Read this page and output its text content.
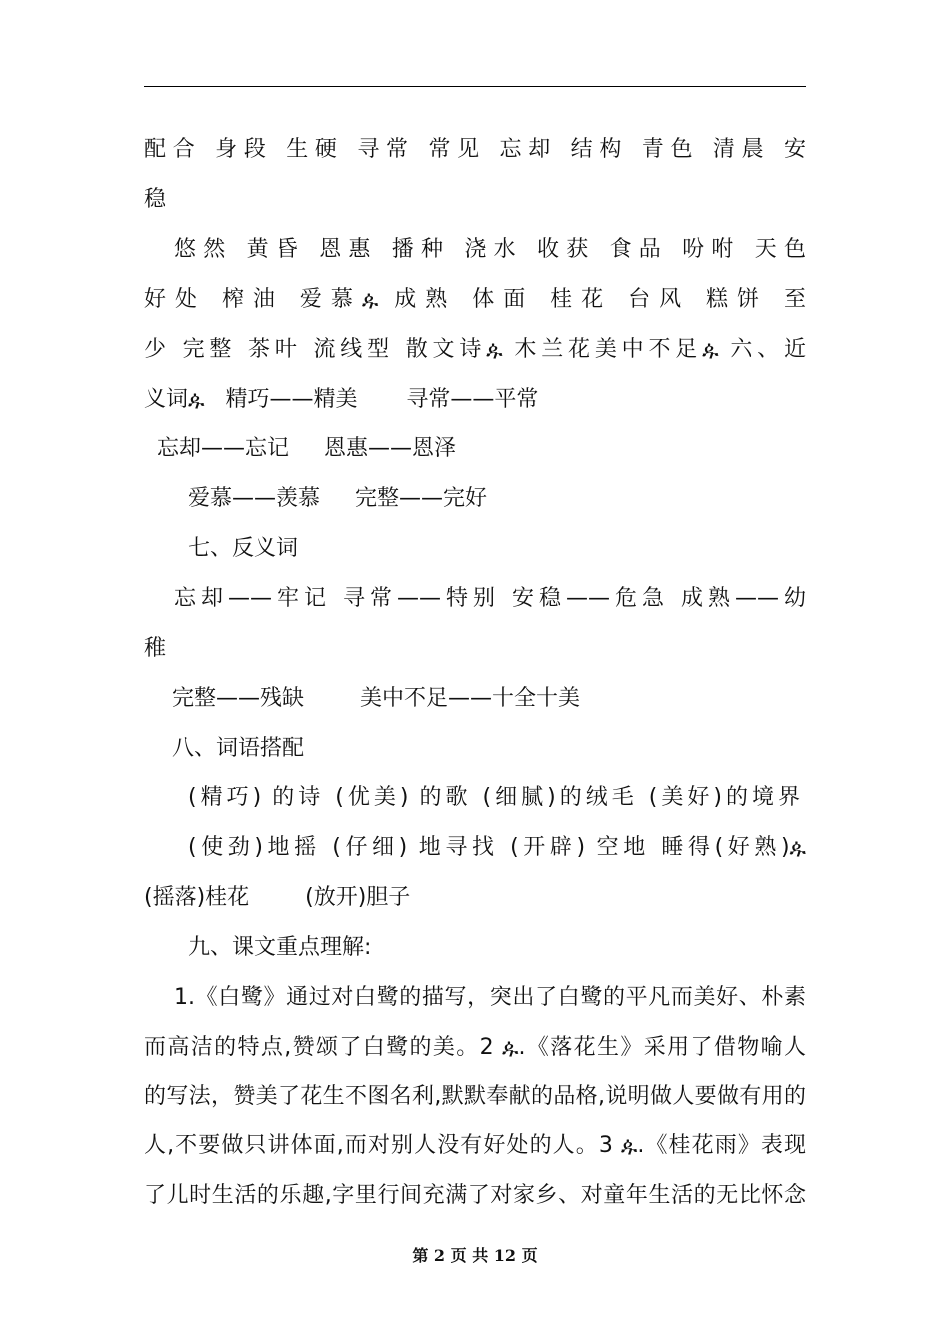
配合 身段 生硬 寻常 常见 忘却 结构 青色 清晨 安
稳
悠然 黄昏 恩惠 播种 浇水 收获 食品 吩咐 天色
好处 榨油 爱慕ዹ 成熟 体面 桂花 台风 糕饼 至
少 完整 茶叶 流线型 散文诗ዹ 木兰花美中不足ዹ 六、近
义词ዹ   精巧——精美       寻常——平常
忘却——忘记     恩惠——恩泽
爱慕——羡慕     完整——完好
七、反义词
忘却——牢记 寻常——特别 安稳——危急 成熟——幼
稚
完整——残缺        美中不足——十全十美
八、词语搭配
(精巧) 的诗 (优美) 的歌 (细腻)的绒毛 (美好)的境界
(使劲)地摇 (仔细) 地寻找 (开辟) 空地 睡得(好熟)ዹ
(摇落)桂花        (放开)胆子
九、课文重点理解:
1.《白鹭》通过对白鹭的描写，突出了白鹭的平凡而美好、朴素
而高洁的特点,赞颂了白鹭的美。2 ዹ.《落花生》采用了借物喻人
的写法，赞美了花生不图名利,默默奉献的品格,说明做人要做有用的
人,不要做只讲体面,而对别人没有好处的人。3 ዹ.《桂花雨》表现
了儿时生活的乐趣,字里行间充满了对家乡、对童年生活的无比怀念
第 2 页 共 12 页
